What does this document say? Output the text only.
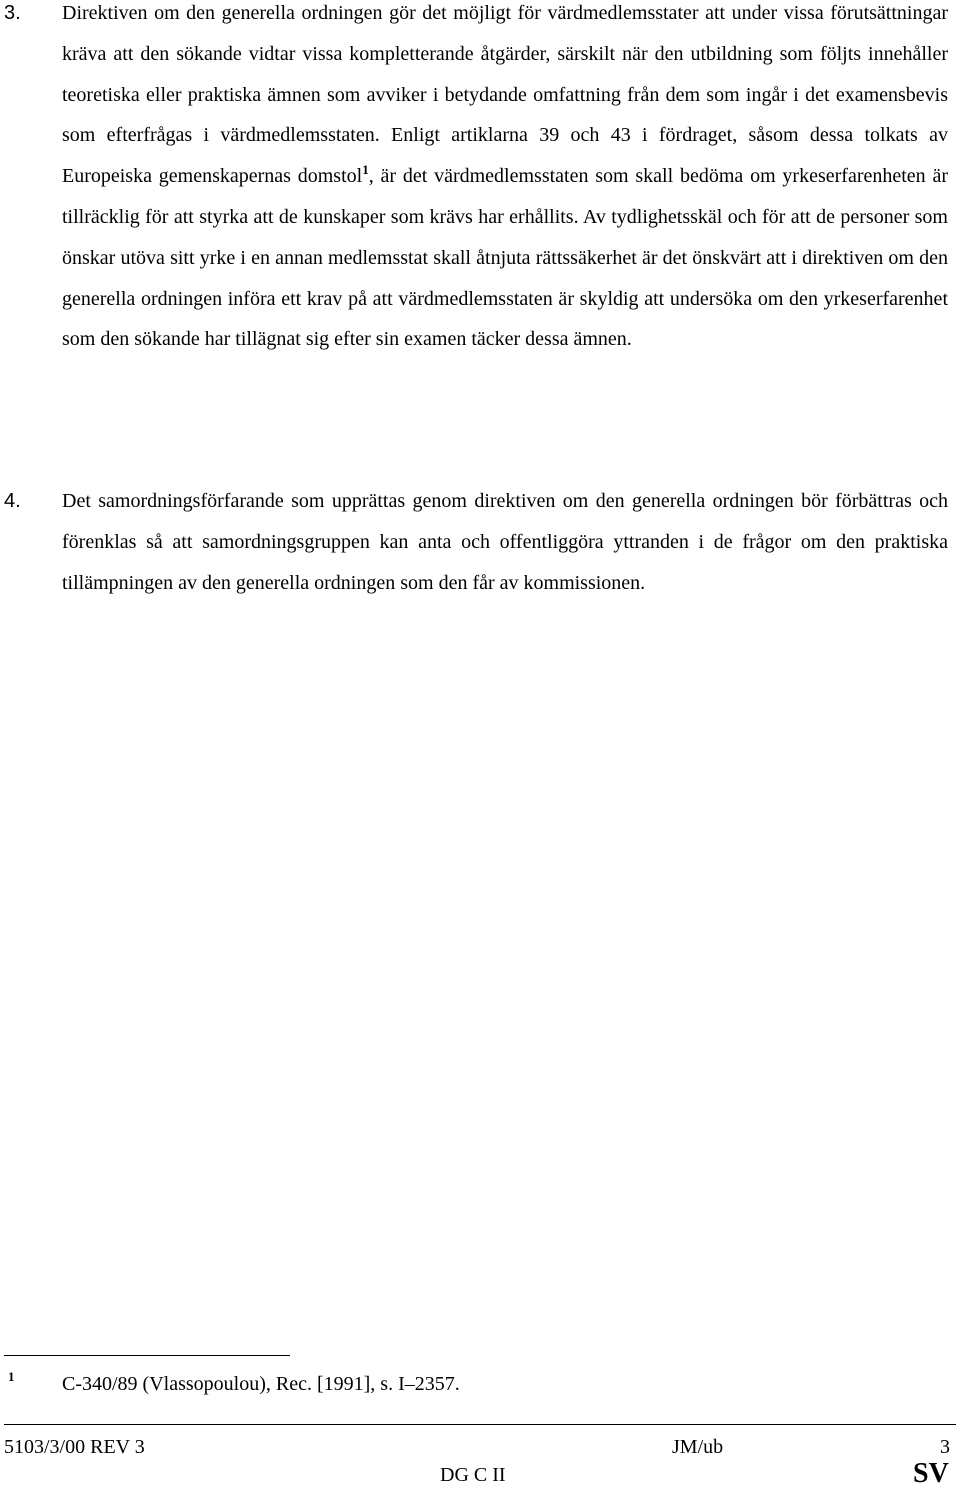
3. Direktiven om den generella ordningen gör det möjligt för värdmedlemsstater att under vissa förutsättningar kräva att den sökande vidtar vissa kompletterande åtgärder, särskilt när den utbildning som följts innehåller teoretiska eller praktiska ämnen som avviker i betydande omfattning från dem som ingår i det examensbevis som efterfrågas i värdmedlemsstaten. Enligt artiklarna 39 och 43 i fördraget, såsom dessa tolkats av Europeiska gemenskapernas domstol$^1$, är det värdmedlemsstaten som skall bedöma om yrkeserfarenheten är tillräcklig för att styrka att de kunskaper som krävs har erhållits. Av tydlighetsskäl och för att de personer som önskar utöva sitt yrke i en annan medlemsstat skall åtnjuta rättssäkerhet är det önskvärt att i direktiven om den generella ordningen införa ett krav på att värdmedlemsstaten är skyldig att undersöka om den yrkeserfarenhet som den sökande har tillägnat sig efter sin examen täcker dessa ämnen.
4. Det samordningsförfarande som upprättas genom direktiven om den generella ordningen bör förbättras och förenklas så att samordningsgruppen kan anta och offentliggöra yttranden i de frågor om den praktiska tillämpningen av den generella ordningen som den får av kommissionen.
1 C-340/89 (Vlassopoulou), Rec. [1991], s. I–2357.
5103/3/00 REV 3	JM/ub	3
DG C II	SV
